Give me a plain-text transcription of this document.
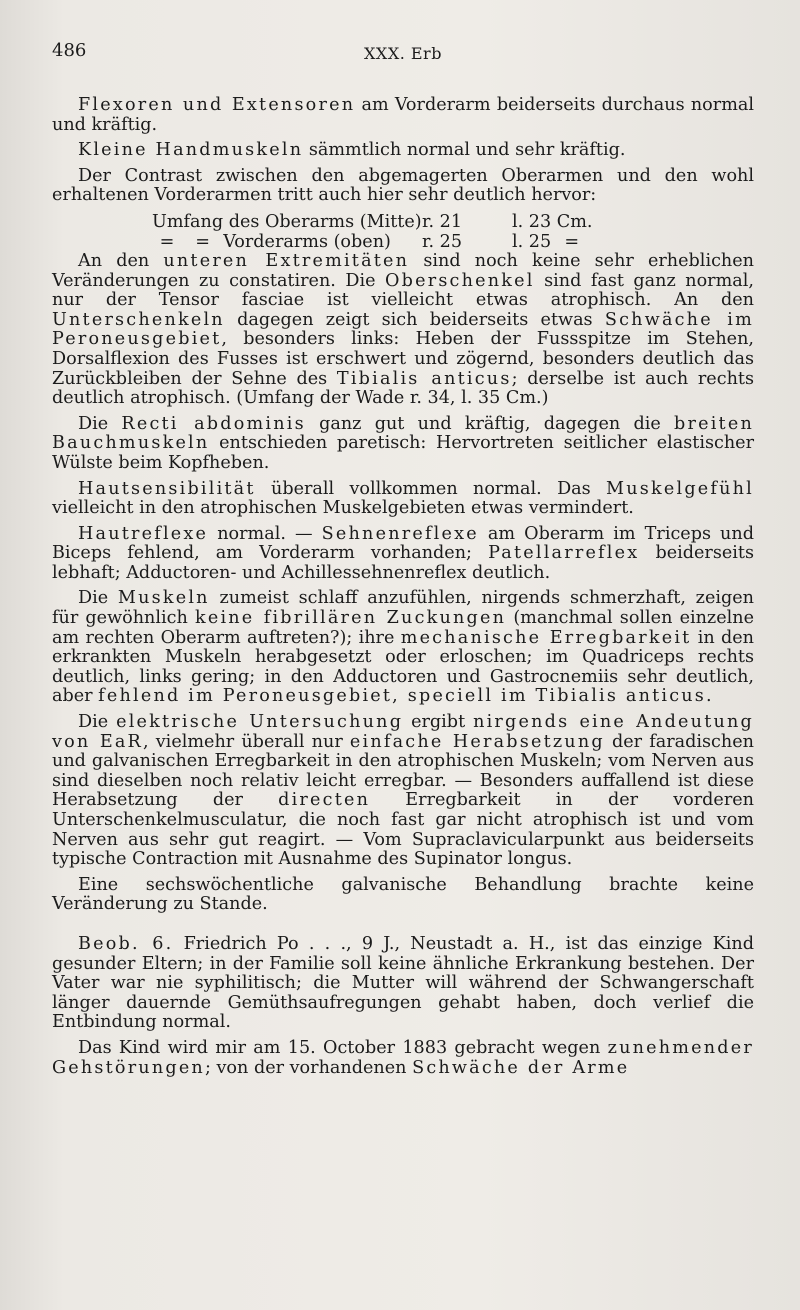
486	XXX. Erb

Flexoren und Extensoren am Vorderarm beiderseits durchaus normal und kräftig.

Kleine Handmuskeln sämmtlich normal und sehr kräftig.

Der Contrast zwischen den abgemagerten Oberarmen und den wohl erhaltenen Vorderarmen tritt auch hier sehr deutlich hervor:

Umfang des Oberarms (Mitte) r. 21	l. 23 Cm.
= = Vorderarms (oben)	r. 25	l. 25 =

An den unteren Extremitäten sind noch keine sehr erheblichen Veränderungen zu constatiren. Die Oberschenkel sind fast ganz normal, nur der Tensor fasciae ist vielleicht etwas atrophisch. An den Unterschenkeln dagegen zeigt sich beiderseits etwas Schwäche im Peroneusgebiet, besonders links: Heben der Fussspitze im Stehen, Dorsalflexion des Fusses ist erschwert und zögernd, besonders deutlich das Zurückbleiben der Sehne des Tibialis anticus; derselbe ist auch rechts deutlich atrophisch. (Umfang der Wade r. 34, l. 35 Cm.)

Die Recti abdominis ganz gut und kräftig, dagegen die breiten Bauchmuskeln entschieden paretisch: Hervortreten seitlicher elastischer Wülste beim Kopfheben.

Hautsensibilität überall vollkommen normal. Das Muskelgefühl vielleicht in den atrophischen Muskelgebieten etwas vermindert.

Hautreflexe normal. — Sehnenreflexe am Oberarm im Triceps und Biceps fehlend, am Vorderarm vorhanden; Patellarreflex beiderseits lebhaft; Adductoren- und Achillessehnenreflex deutlich.

Die Muskeln zumeist schlaff anzufühlen, nirgends schmerzhaft, zeigen für gewöhnlich keine fibrillären Zuckungen (manchmal sollen einzelne am rechten Oberarm auftreten?); ihre mechanische Erregbarkeit in den erkrankten Muskeln herabgesetzt oder erloschen; im Quadriceps rechts deutlich, links gering; in den Adductoren und Gastrocnemiis sehr deutlich, aber fehlend im Peroneusgebiet, speciell im Tibialis anticus.

Die elektrische Untersuchung ergibt nirgends eine Andeutung von EaR, vielmehr überall nur einfache Herabsetzung der faradischen und galvanischen Erregbarkeit in den atrophischen Muskeln; vom Nerven aus sind dieselben noch relativ leicht erregbar. — Besonders auffallend ist diese Herabsetzung der directen Erregbarkeit in der vorderen Unterschenkelmusculatur, die noch fast gar nicht atrophisch ist und vom Nerven aus sehr gut reagirt. — Vom Supraclavicularpunkt aus beiderseits typische Contraction mit Ausnahme des Supinator longus.

Eine sechswöchentliche galvanische Behandlung brachte keine Veränderung zu Stande.

Beob. 6. Friedrich Po . . ., 9 J., Neustadt a. H., ist das einzige Kind gesunder Eltern; in der Familie soll keine ähnliche Erkrankung bestehen. Der Vater war nie syphilitisch; die Mutter will während der Schwangerschaft länger dauernde Gemüthsaufregungen gehabt haben, doch verlief die Entbindung normal.

Das Kind wird mir am 15. October 1883 gebracht wegen zunehmender Gehstörungen; von der vorhandenen Schwäche der Arme
